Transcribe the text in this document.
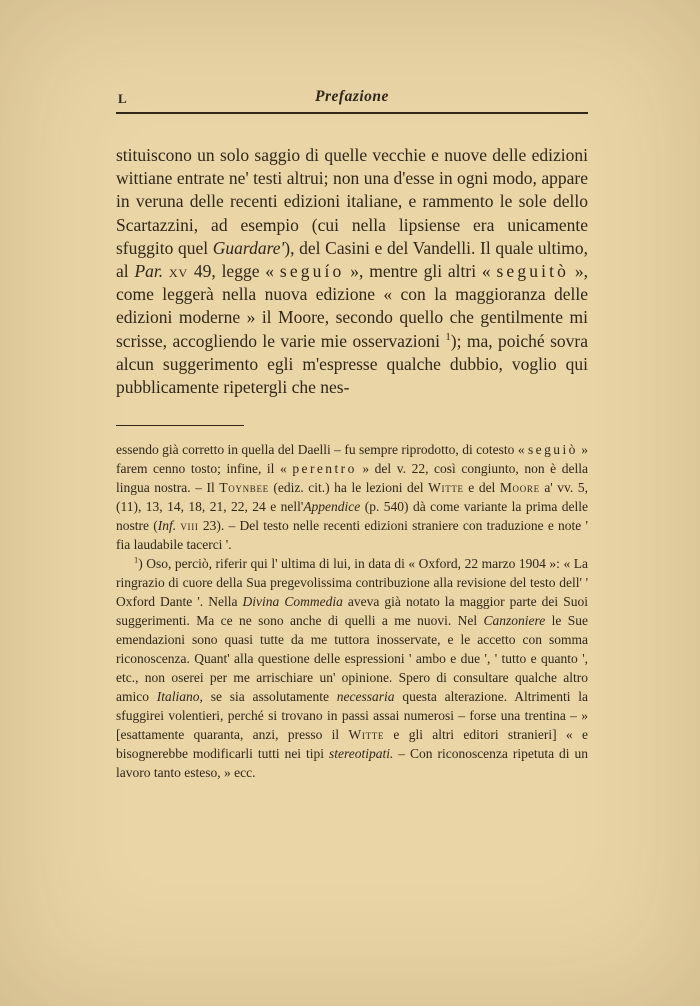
L	Prefazione

stituiscono un solo saggio di quelle vecchie e nuove delle edizioni wittiane entrate ne' testi altrui; non una d'esse in ogni modo, appare in veruna delle recenti edizioni italiane, e rammento le sole dello Scartazzini, ad esempio (cui nella lipsiense era unicamente sfuggito quel Guardare'), del Casini e del Vandelli. Il quale ultimo, al Par. xv 49, legge « seguío », mentre gli altri « seguitò », come leggerà nella nuova edizione « con la maggioranza delle edizioni moderne » il Moore, secondo quello che gentilmente mi scrisse, accogliendo le varie mie osservazioni $^1$); ma, poiché sovra alcun suggerimento egli m'espresse qualche dubbio, voglio qui pubblicamente ripetergli che nes-

essendo già corretto in quella del Daelli – fu sempre riprodotto, di cotesto « seguiò » farem cenno tosto; infine, il « perentro » del v. 22, così congiunto, non è della lingua nostra. – Il Toynbee (ediz. cit.) ha le lezioni del Witte e del Moore a' vv. 5, (11), 13, 14, 18, 21, 22, 24 e nell'Appendice (p. 540) dà come variante la prima delle nostre (Inf. viii 23). – Del testo nelle recenti edizioni straniere con traduzione e note ' fia laudabile tacerci '.

$^1$) Oso, perciò, riferir qui l' ultima di lui, in data di « Oxford, 22 marzo 1904 »: « La ringrazio di cuore della Sua pregevolissima contribuzione alla revisione del testo dell' ' Oxford Dante '. Nella Divina Commedia aveva già notato la maggior parte dei Suoi suggerimenti. Ma ce ne sono anche di quelli a me nuovi. Nel Canzoniere le Sue emendazioni sono quasi tutte da me tuttora inosservate, e le accetto con somma riconoscenza. Quant' alla questione delle espressioni ' ambo e due ', ' tutto e quanto ', etc., non oserei per me arrischiare un' opinione. Spero di consultare qualche altro amico Italiano, se sia assolutamente necessaria questa alterazione. Altrimenti la sfuggirei volentieri, perché si trovano in passi assai numerosi – forse una trentina – » [esattamente quaranta, anzi, presso il Witte e gli altri editori stranieri] « e bisognerebbe modificarli tutti nei tipi stereotipati. – Con riconoscenza ripetuta di un lavoro tanto esteso, » ecc.
